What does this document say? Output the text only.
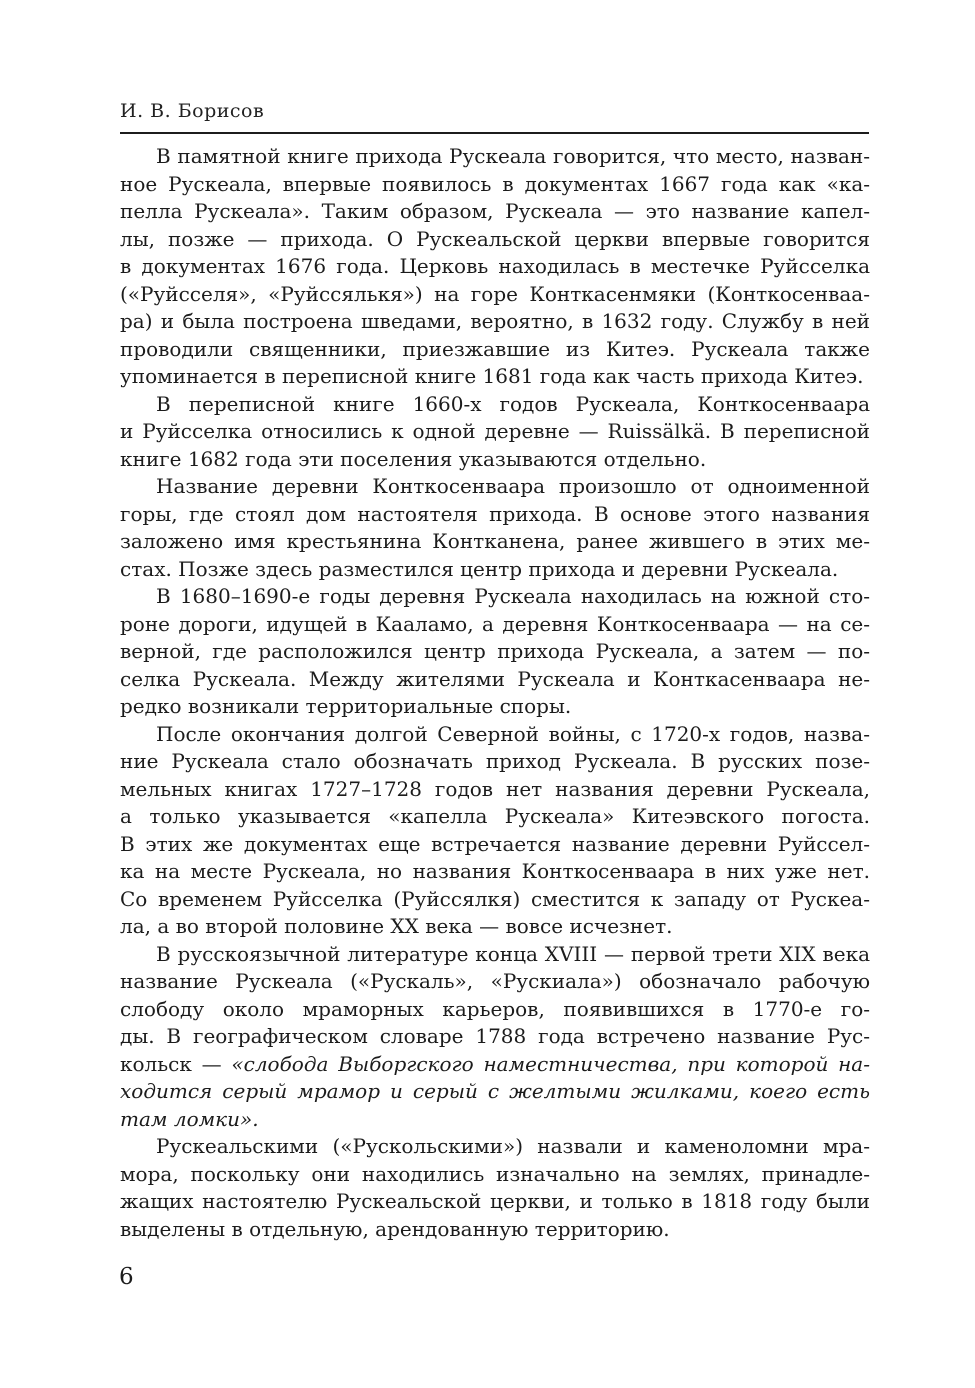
И. В. Борисов
В памятной книге прихода Рускеала говорится, что место, назван-
ное Рускеала, впервые появилось в документах 1667 года как «ка-
пелла Рускеала». Таким образом, Рускеала — это название капел-
лы, позже — прихода. О Рускеальской церкви впервые говорится
в документах 1676 года. Церковь находилась в местечке Руйсселка
(«Руйсселя», «Руйссялькя») на горе Конткасенмяки (Конткосенваа-
ра) и была построена шведами, вероятно, в 1632 году. Службу в ней
проводили священники, приезжавшие из Китеэ. Рускеала также
упоминается в переписной книге 1681 года как часть прихода Китеэ.
В переписной книге 1660-х годов Рускеала, Конткосенваара
и Руйсселка относились к одной деревне — Ruissälkä. В переписной
книге 1682 года эти поселения указываются отдельно.
Название деревни Конткосенваара произошло от одноименной
горы, где стоял дом настоятеля прихода. В основе этого названия
заложено имя крестьянина Контканена, ранее жившего в этих ме-
стах. Позже здесь разместился центр прихода и деревни Рускеала.
В 1680–1690-е годы деревня Рускеала находилась на южной сто-
роне дороги, идущей в Кааламо, а деревня Конткосенваара — на се-
верной, где расположился центр прихода Рускеала, а затем — по-
селка Рускеала. Между жителями Рускеала и Конткасенваара не-
редко возникали территориальные споры.
После окончания долгой Северной войны, с 1720-х годов, назва-
ние Рускеала стало обозначать приход Рускеала. В русских позе-
мельных книгах 1727–1728 годов нет названия деревни Рускеала,
а только указывается «капелла Рускеала» Китеэвского погоста.
В этих же документах еще встречается название деревни Руйссел-
ка на месте Рускеала, но названия Конткосенваара в них уже нет.
Со временем Руйсселка (Руйссялкя) сместится к западу от Рускеа-
ла, а во второй половине XX века — вовсе исчезнет.
В русскоязычной литературе конца XVIII — первой трети XIX века
название Рускеала («Рускаль», «Рускиала») обозначало рабочую
слободу около мраморных карьеров, появившихся в 1770-е го-
ды. В географическом словаре 1788 года встречено название Рус-
кольск — «слобода Выборгского наместничества, при которой на-
ходится серый мрамор и серый с желтыми жилками, коего есть
там ломки».
Рускеальскими («Рускольскими») назвали и каменоломни мра-
мора, поскольку они находились изначально на землях, принадле-
жащих настоятелю Рускеальской церкви, и только в 1818 году были
выделены в отдельную, арендованную территорию.
6
